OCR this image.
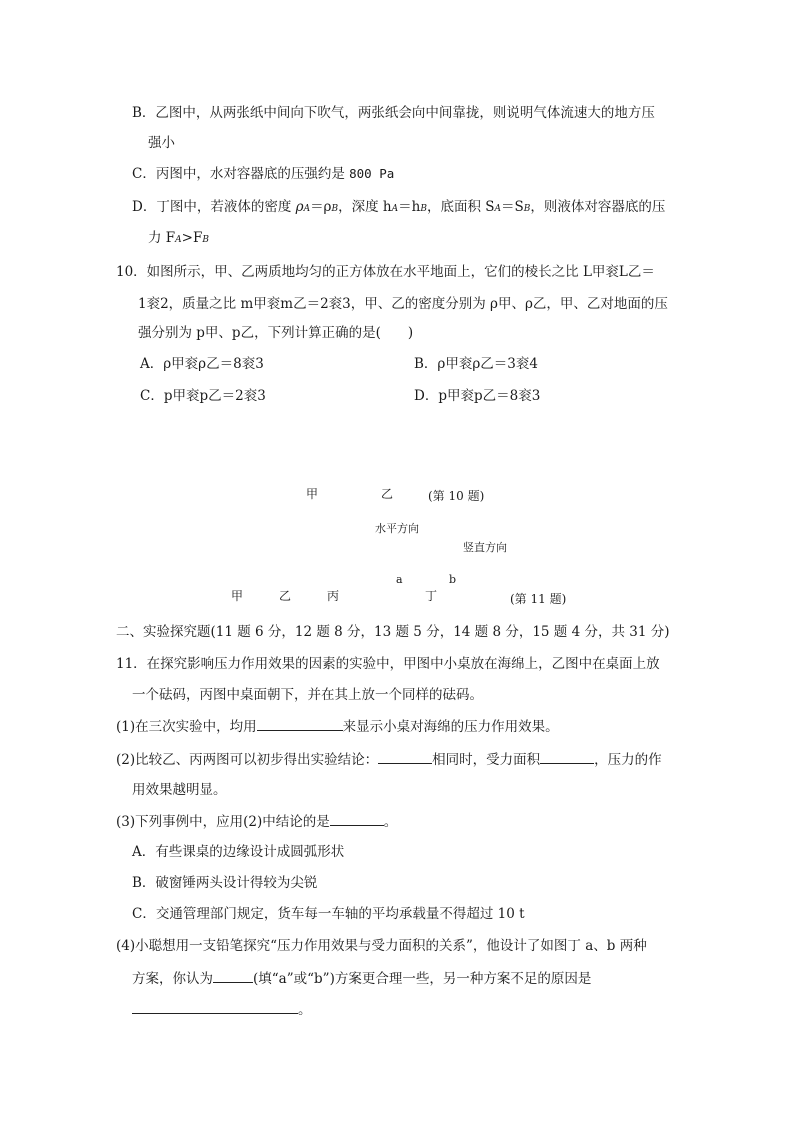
B．乙图中，从两张纸中间向下吹气，两张纸会向中间靠拢，则说明气体流速大的地方压
强小
C．丙图中，水对容器底的压强约是 800 Pa
D．丁图中，若液体的密度 ρA＝ρB，深度 hA＝hB，底面积 SA＝SB，则液体对容器底的压
力 FA>FB
10．如图所示，甲、乙两质地均匀的正方体放在水平地面上，它们的棱长之比 L甲衮L乙＝
1衮2，质量之比 m甲衮m乙＝2衮3，甲、乙的密度分别为 ρ甲、ρ乙，甲、乙对地面的压
强分别为 p甲、p乙，下列计算正确的是(　　)
A．ρ甲衮ρ乙＝8衮3	B．ρ甲衮ρ乙＝3衮4
C．p甲衮p乙＝2衮3	D．p甲衮p乙＝8衮3
甲	乙	(第 10 题)
水平方向
竖直方向
a	b
甲	乙	丙	丁	(第 11 题)
二、实验探究题(11 题 6 分，12 题 8 分，13 题 5 分，14 题 8 分，15 题 4 分，共 31 分)
11．在探究影响压力作用效果的因素的实验中，甲图中小桌放在海绵上，乙图中在桌面上放
一个砝码，丙图中桌面朝下，并在其上放一个同样的砝码。
(1)在三次实验中，均用	来显示小桌对海绵的压力作用效果。
(2)比较乙、丙两图可以初步得出实验结论：	相同时，受力面积	，压力的作
用效果越明显。
(3)下列事例中，应用(2)中结论的是	。
A．有些课桌的边缘设计成圆弧形状
B．破窗锤两头设计得较为尖锐
C．交通管理部门规定，货车每一车轴的平均承载量不得超过 10 t
(4)小聪想用一支铅笔探究“压力作用效果与受力面积的关系”，他设计了如图丁 a、b 两种
方案，你认为	(填“a”或“b”)方案更合理一些，另一种方案不足的原因是
。
